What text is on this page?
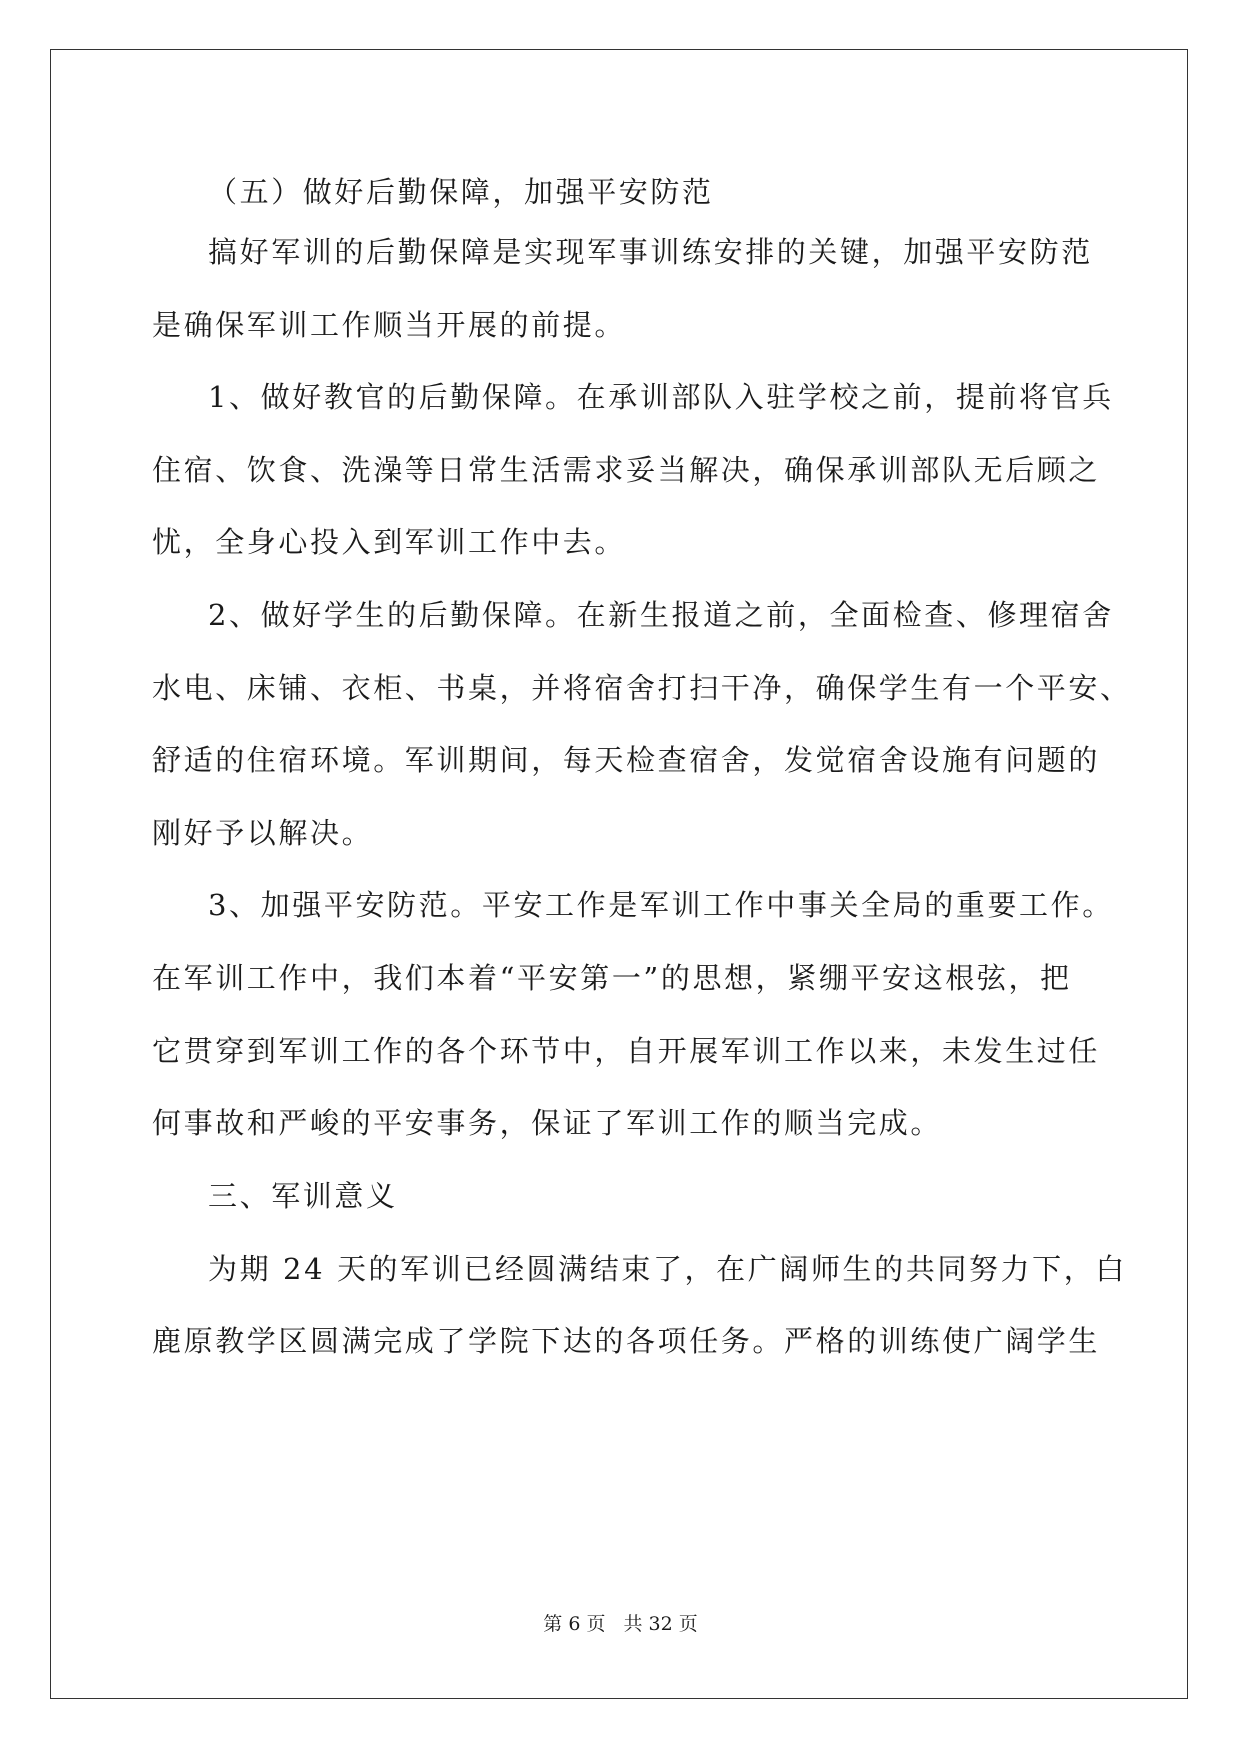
（五）做好后勤保障，加强平安防范
搞好军训的后勤保障是实现军事训练安排的关键，加强平安防范
是确保军训工作顺当开展的前提。
1、做好教官的后勤保障。在承训部队入驻学校之前，提前将官兵
住宿、饮食、洗澡等日常生活需求妥当解决，确保承训部队无后顾之
忧，全身心投入到军训工作中去。
2、做好学生的后勤保障。在新生报道之前，全面检查、修理宿舍
水电、床铺、衣柜、书桌，并将宿舍打扫干净，确保学生有一个平安、
舒适的住宿环境。军训期间，每天检查宿舍，发觉宿舍设施有问题的
刚好予以解决。
3、加强平安防范。平安工作是军训工作中事关全局的重要工作。
在军训工作中，我们本着“平安第一”的思想，紧绷平安这根弦，把
它贯穿到军训工作的各个环节中，自开展军训工作以来，未发生过任
何事故和严峻的平安事务，保证了军训工作的顺当完成。
三、军训意义
为期 24 天的军训已经圆满结束了，在广阔师生的共同努力下，白
鹿原教学区圆满完成了学院下达的各项任务。严格的训练使广阔学生
第 6 页 共 32 页
